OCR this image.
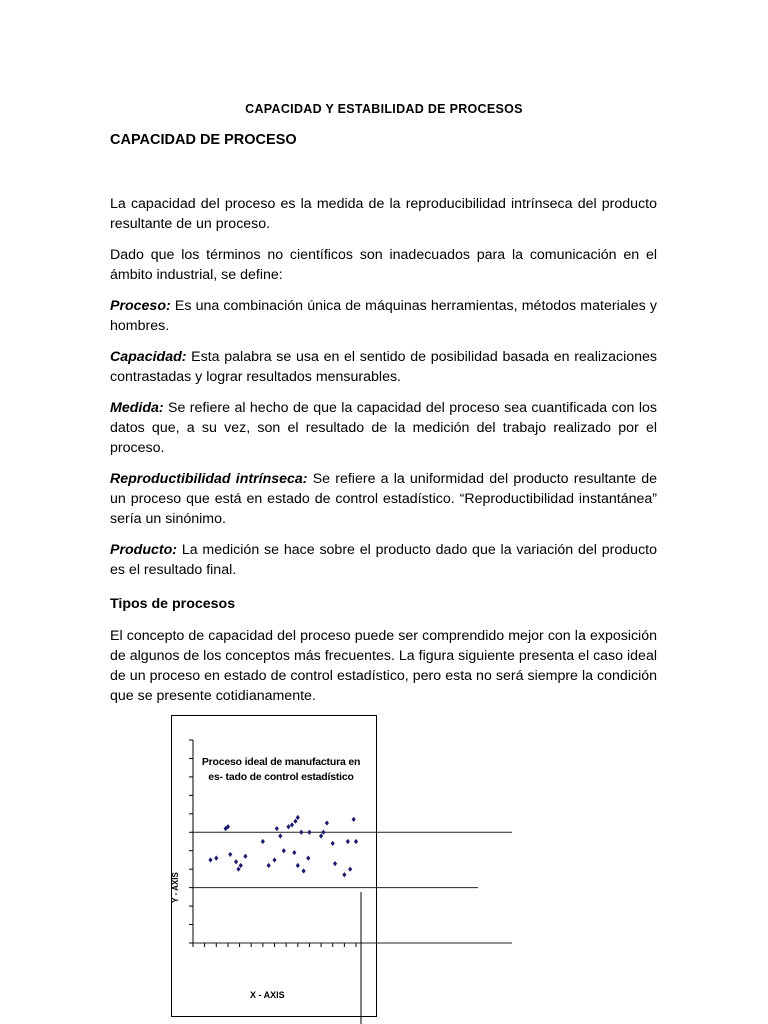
CAPACIDAD Y ESTABILIDAD DE PROCESOS
CAPACIDAD DE PROCESO

La capacidad del proceso es la medida de la reproducibilidad intrínseca del producto resultante de un proceso.

Dado que los términos no científicos son inadecuados para la comunicación en el ámbito industrial, se define:

Proceso: Es una combinación única de máquinas herramientas, métodos materiales y hombres.

Capacidad: Esta palabra se usa en el sentido de posibilidad basada en realizaciones contrastadas y lograr resultados mensurables.

Medida: Se refiere al hecho de que la capacidad del proceso sea cuantificada con los datos que, a su vez, son el resultado de la medición del trabajo realizado por el proceso.

Reproductibilidad intrínseca: Se refiere a la uniformidad del producto resultante de un proceso que está en estado de control estadístico. “Reproductibilidad instantánea” sería un sinónimo.

Producto: La medición se hace sobre el producto dado que la variación del producto es el resultado final.

Tipos de procesos

El concepto de capacidad del proceso puede ser comprendido mejor con la exposición de algunos de los conceptos más frecuentes. La figura siguiente presenta el caso ideal de un proceso en estado de control estadístico, pero esta no será siempre la condición que se presente cotidianamente.

Proceso ideal de manufactura en es- tado de control estadístico
Y - AXIS
X - AXIS
